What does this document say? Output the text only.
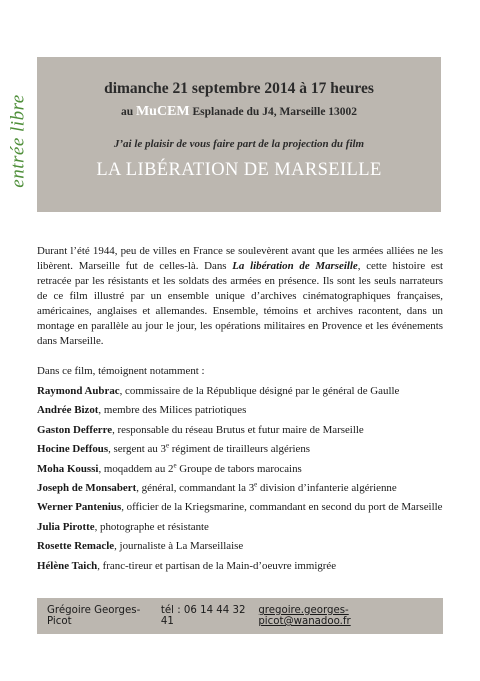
entrée libre
dimanche 21 septembre 2014 à 17 heures
au MuCEM Esplanade du J4, Marseille 13002
J’ai le plaisir de vous faire part de la projection du film
LA LIBÉRATION DE MARSEILLE

Durant l’été 1944, peu de villes en France se soulevèrent avant que les armées alliées ne les libèrent. Marseille fut de celles-là. Dans La libération de Marseille, cette histoire est retracée par les résistants et les soldats des armées en présence. Ils sont les seuls narrateurs de ce film illustré par un ensemble unique d’archives cinématographiques françaises, américaines, anglaises et allemandes. Ensemble, témoins et archives racontent, dans un montage en parallèle au jour le jour, les opérations militaires en Provence et les événements dans Marseille.

Dans ce film, témoignent notamment :

Raymond Aubrac, commissaire de la République désigné par le général de Gaulle
Andrée Bizot, membre des Milices patriotiques
Gaston Defferre, responsable du réseau Brutus et futur maire de Marseille
Hocine Deffous, sergent au 3e régiment de tirailleurs algériens
Moha Koussi, moqaddem au 2e Groupe de tabors marocains
Joseph de Monsabert, général, commandant la 3e division d’infanterie algérienne
Werner Pantenius, officier de la Kriegsmarine, commandant en second du port de Marseille
Julia Pirotte, photographe et résistante
Rosette Remacle, journaliste à La Marseillaise
Hélène Taich, franc-tireur et partisan de la Main-d’oeuvre immigrée
Grégoire Georges-Picot
tél : 06 14 44 32 41
gregoire.georges-picot@wanadoo.fr
